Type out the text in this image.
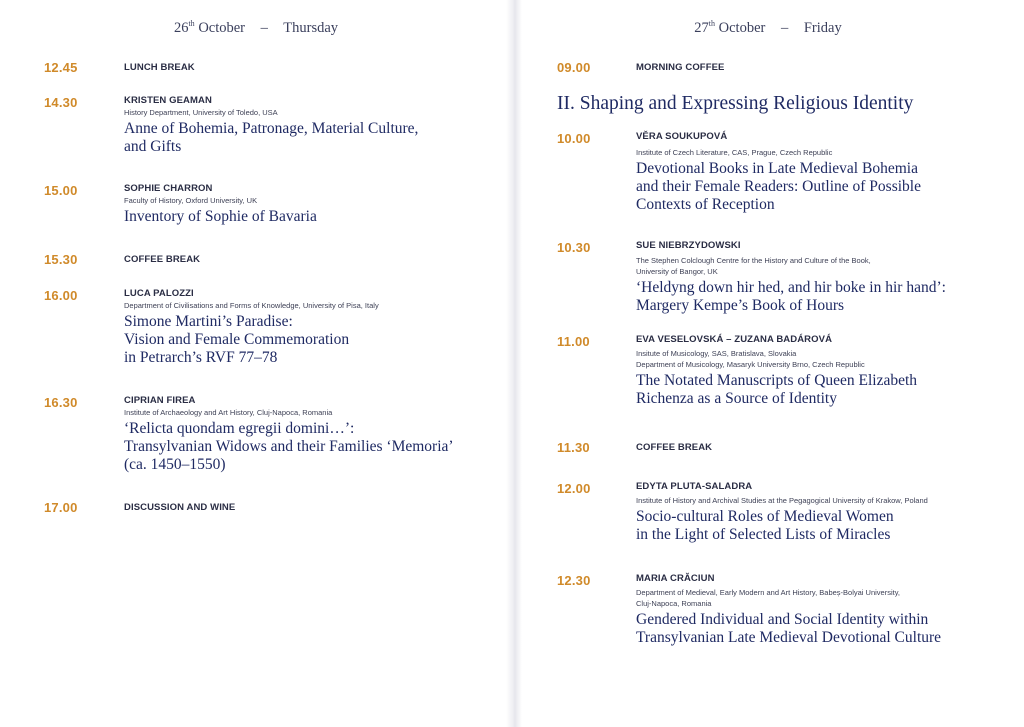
26th October – Thursday
12.45	LUNCH BREAK
14.30	KRISTEN GEAMAN
History Department, University of Toledo, USA
Anne of Bohemia, Patronage, Material Culture,
and Gifts
15.00	SOPHIE CHARRON
Faculty of History, Oxford University, UK
Inventory of Sophie of Bavaria
15.30	COFFEE BREAK
16.00	LUCA PALOZZI
Department of Civilisations and Forms of Knowledge, University of Pisa, Italy
Simone Martini’s Paradise:
Vision and Female Commemoration
in Petrarch’s RVF 77–78
16.30	CIPRIAN FIREA
Institute of Archaeology and Art History, Cluj-Napoca, Romania
‘Relicta quondam egregii domini…’:
Transylvanian Widows and their Families ‘Memoria’
(ca. 1450–1550)
17.00	DISCUSSION AND WINE
27th October – Friday
09.00	MORNING COFFEE
II. Shaping and Expressing Religious Identity
10.00	VĚRA SOUKUPOVÁ
Institute of Czech Literature, CAS, Prague, Czech Republic
Devotional Books in Late Medieval Bohemia
and their Female Readers: Outline of Possible
Contexts of Reception
10.30	SUE NIEBRZYDOWSKI
The Stephen Colclough Centre for the History and Culture of the Book,
University of Bangor, UK
‘Heldyng down hir hed, and hir boke in hir hand’:
Margery Kempe’s Book of Hours
11.00	EVA VESELOVSKÁ – ZUZANA BADÁROVÁ
Insitute of Musicology, SAS, Bratislava, Slovakia
Department of Musicology, Masaryk University Brno, Czech Republic
The Notated Manuscripts of Queen Elizabeth
Richenza as a Source of Identity
11.30	COFFEE BREAK
12.00	EDYTA PLUTA-SALADRA
Institute of History and Archival Studies at the Pegagogical University of Krakow, Poland
Socio-cultural Roles of Medieval Women
in the Light of Selected Lists of Miracles
12.30	MARIA CRĂCIUN
Department of Medieval, Early Modern and Art History, Babeș-Bolyai University,
Cluj-Napoca, Romania
Gendered Individual and Social Identity within
Transylvanian Late Medieval Devotional Culture
